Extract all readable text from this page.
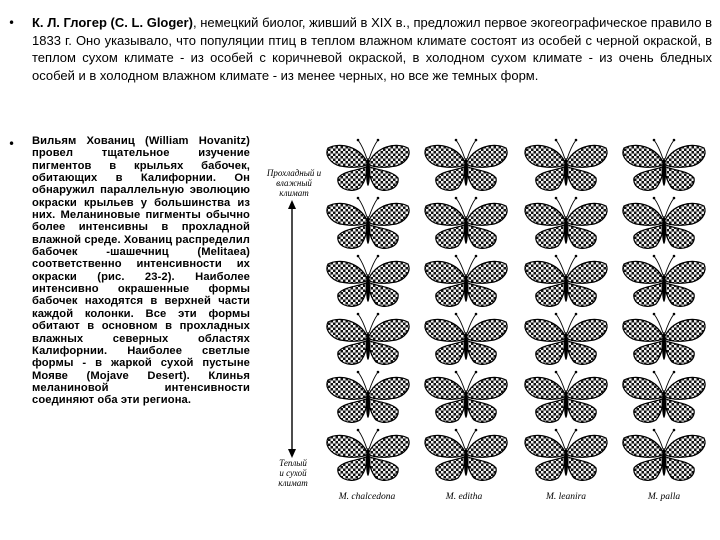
• К. Л. Глогер (С. L. Gloger), немецкий биолог, живший в XIX в., предложил первое экогеографическое правило в 1833 г. Оно указывало, что популяции птиц в теплом влажном климате состоят из особей с черной окраской, в теплом сухом климате - из особей с коричневой окраской, в холодном сухом климате - из очень бледных особей и в холодном влажном климате - из менее черных, но все же темных форм.
• Вильям Хованиц (William Hovanitz) провел тщательное изучение пигментов в крыльях бабочек, обитающих в Калифорнии. Он обнаружил параллельную эволюцию окраски крыльев у большинства из них. Меланиновые пигменты обычно более интенсивны в прохладной влажной среде. Хованиц распределил бабочек -шашечниц (Melitaea) соответственно интенсивности их окраски (рис. 23-2). Наиболее интенсивно окрашенные формы бабочек находятся в верхней части каждой колонки. Все эти формы обитают в основном в прохладных влажных северных областях Калифорнии. Наиболее светлые формы - в жаркой сухой пустыне Мояве (Mojave Desert). Клинья меланиновой интенсивности соединяют оба эти региона.
Прохладный и
влажный
климат
Теплый
и сухой
климат
M. chalcedona	M. editha	M. leanira	M. palla
